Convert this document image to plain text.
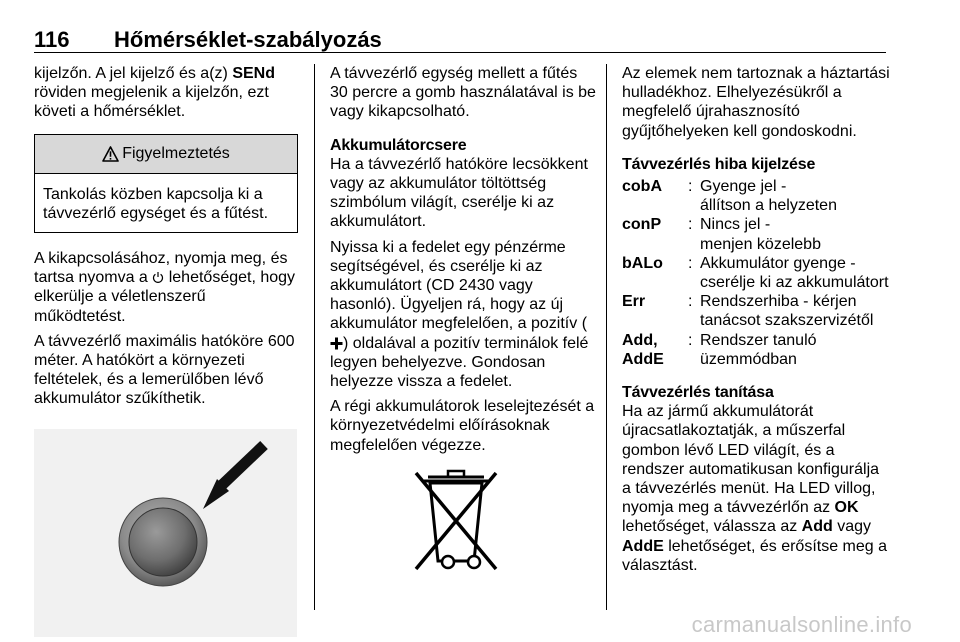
116 Hőmérséklet-szabályozás

kijelzőn. A jel kijelző és a(z) SENd röviden megjelenik a kijelzőn, ezt követi a hőmérséklet.

Figyelmeztetés
Tankolás közben kapcsolja ki a távvezérlő egységet és a fűtést.

A kikapcsolásához, nyomja meg, és tartsa nyomva a  lehetőséget, hogy elkerülje a véletlenszerű működtetést.

A távvezérlő maximális hatóköre 600 méter. A hatókört a környezeti feltételek, és a lemerülőben lévő akkumulátor szűkíthetik.

A távvezérlő egység mellett a fűtés 30 percre a gomb használatával is be vagy kikapcsolható.

Akkumulátorcsere

Ha a távvezérlő hatóköre lecsökkent vagy az akkumulátor töltöttség szimbólum világít, cserélje ki az akkumulátort.

Nyissa ki a fedelet egy pénzérme segítségével, és cserélje ki az akkumulátort (CD 2430 vagy hasonló). Ügyeljen rá, hogy az új akkumulátor megfelelően, a pozitív () oldalával a pozitív terminálok felé legyen behelyezve. Gondosan helyezze vissza a fedelet.

A régi akkumulátorok leselejtezését a környezetvédelmi előírásoknak megfelelően végezze.

Az elemek nem tartoznak a háztartási hulladékhoz. Elhelyezésükről a megfelelő újrahasznosító gyűjtőhelyeken kell gondoskodni.

Távvezérlés hiba kijelzése
cobA	: Gyenge jel -
állítson a helyzeten
conP	: Nincs jel -
menjen közelebb
bALo	: Akkumulátor gyenge -
cserélje ki az akkumulátort
Err	: Rendszerhiba - kérjen
tanácsot szakszervizétől
Add,
AddE
: Rendszer tanuló
üzemmódban
Távvezérlés tanítása

Ha az jármű akkumulátorát újracsatlakoztatják, a műszerfal gombon lévő LED világít, és a rendszer automatikusan konfigurálja a távvezérlés menüt. Ha LED villog, nyomja meg a távvezérlőn az OK lehetőséget, válassza az Add vagy AddE lehetőséget, és erősítse meg a választást.

carmanualsonline.info
